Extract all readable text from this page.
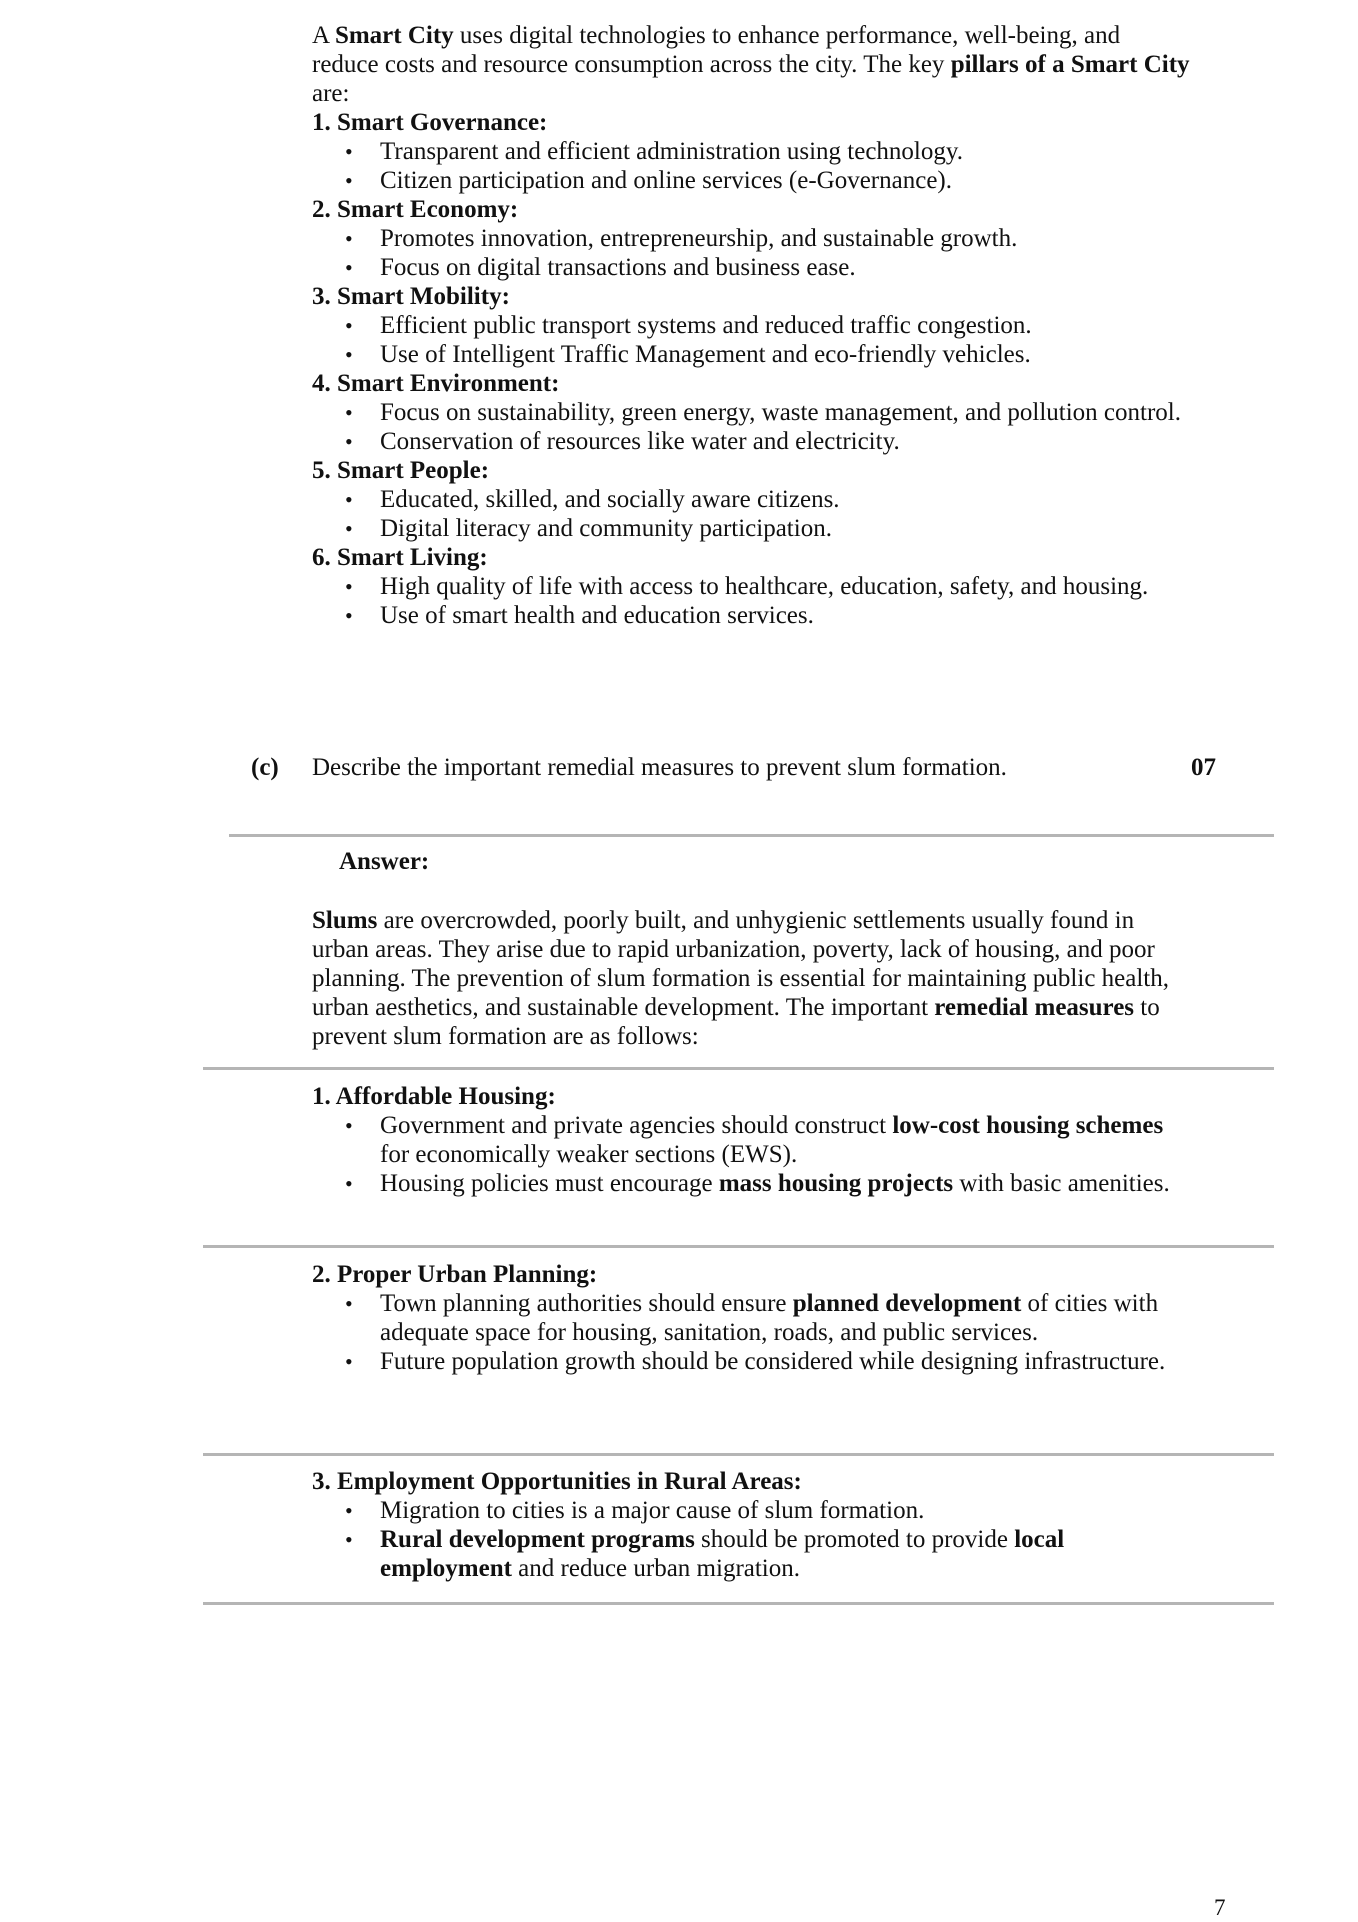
A Smart City uses digital technologies to enhance performance, well-being, and reduce costs and resource consumption across the city. The key pillars of a Smart City are:

1. Smart Governance:

• Transparent and efficient administration using technology.
• Citizen participation and online services (e-Governance).

2. Smart Economy:

• Promotes innovation, entrepreneurship, and sustainable growth.
• Focus on digital transactions and business ease.

3. Smart Mobility:

• Efficient public transport systems and reduced traffic congestion.
• Use of Intelligent Traffic Management and eco-friendly vehicles.

4. Smart Environment:

• Focus on sustainability, green energy, waste management, and pollution control.
• Conservation of resources like water and electricity.

5. Smart People:

• Educated, skilled, and socially aware citizens.
• Digital literacy and community participation.

6. Smart Living:

• High quality of life with access to healthcare, education, safety, and housing.
• Use of smart health and education services.
(c) Describe the important remedial measures to prevent slum formation.	07
Answer:

Slums are overcrowded, poorly built, and unhygienic settlements usually found in urban areas. They arise due to rapid urbanization, poverty, lack of housing, and poor planning. The prevention of slum formation is essential for maintaining public health, urban aesthetics, and sustainable development. The important remedial measures to prevent slum formation are as follows:

1. Affordable Housing:

• Government and private agencies should construct low-cost housing schemes for economically weaker sections (EWS).
• Housing policies must encourage mass housing projects with basic amenities.

2. Proper Urban Planning:

• Town planning authorities should ensure planned development of cities with adequate space for housing, sanitation, roads, and public services.
• Future population growth should be considered while designing infrastructure.

3. Employment Opportunities in Rural Areas:

• Migration to cities is a major cause of slum formation.
• Rural development programs should be promoted to provide local employment and reduce urban migration.
7
